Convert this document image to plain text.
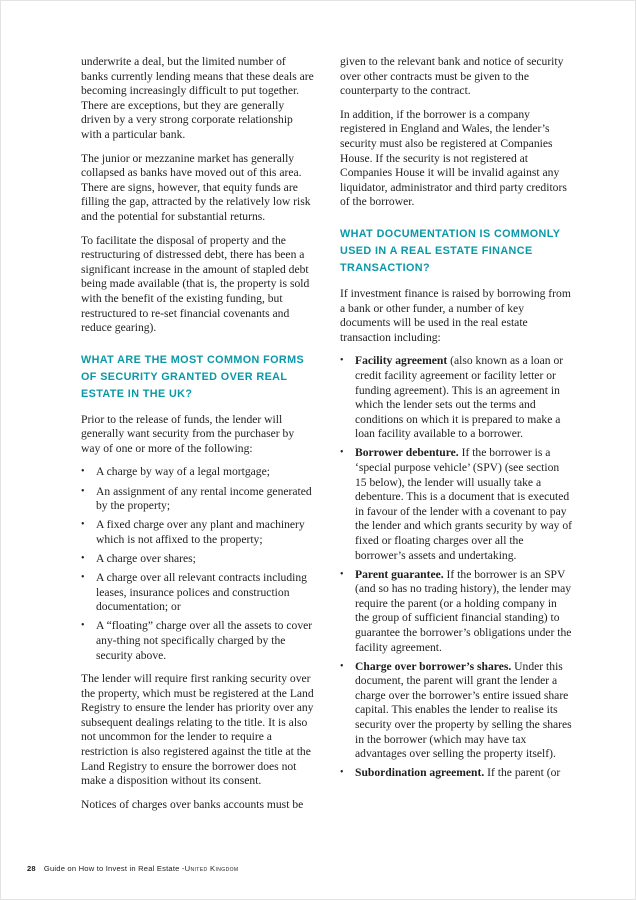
underwrite a deal, but the limited number of banks currently lending means that these deals are becoming increasingly difficult to put together. There are exceptions, but they are generally driven by a very strong corporate relationship with a particular bank.

The junior or mezzanine market has generally collapsed as banks have moved out of this area. There are signs, however, that equity funds are filling the gap, attracted by the relatively low risk and the potential for substantial returns.

To facilitate the disposal of property and the restructuring of distressed debt, there has been a significant increase in the amount of stapled debt being made available (that is, the property is sold with the benefit of the existing funding, but restructured to re-set financial covenants and reduce gearing).

WHAT ARE THE MOST COMMON FORMS OF SECURITY GRANTED OVER REAL ESTATE IN THE UK?

Prior to the release of funds, the lender will generally want security from the purchaser by way of one or more of the following:

• A charge by way of a legal mortgage;
• An assignment of any rental income generated by the property;
• A fixed charge over any plant and machinery which is not affixed to the property;
• A charge over shares;
• A charge over all relevant contracts including leases, insurance polices and construction documentation; or
• A “floating” charge over all the assets to cover any-thing not specifically charged by the security above.

The lender will require first ranking security over the property, which must be registered at the Land Registry to ensure the lender has priority over any subsequent dealings relating to the title. It is also not uncommon for the lender to require a restriction is also registered against the title at the Land Registry to ensure the borrower does not make a disposition without its consent.

Notices of charges over banks accounts must be

given to the relevant bank and notice of security over other contracts must be given to the counterparty to the contract.

In addition, if the borrower is a company registered in England and Wales, the lender’s security must also be registered at Companies House. If the security is not registered at Companies House it will be invalid against any liquidator, administrator and third party creditors of the borrower.

WHAT DOCUMENTATION IS COMMONLY USED IN A REAL ESTATE FINANCE TRANSACTION?

If investment finance is raised by borrowing from a bank or other funder, a number of key documents will be used in the real estate transaction including:

• Facility agreement (also known as a loan or credit facility agreement or facility letter or funding agreement). This is an agreement in which the lender sets out the terms and conditions on which it is prepared to make a loan facility available to a borrower.
• Borrower debenture. If the borrower is a ‘special purpose vehicle’ (SPV) (see section 15 below), the lender will usually take a debenture. This is a document that is executed in favour of the lender with a covenant to pay the lender and which grants security by way of fixed or floating charges over all the borrower’s assets and undertaking.
• Parent guarantee. If the borrower is an SPV (and so has no trading history), the lender may require the parent (or a holding company in the group of sufficient financial standing) to guarantee the borrower’s obligations under the facility agreement.
• Charge over borrower’s shares. Under this document, the parent will grant the lender a charge over the borrower’s entire issued share capital. This enables the lender to realise its security over the property by selling the shares in the borrower (which may have tax advantages over selling the property itself).
• Subordination agreement. If the parent (or
28 Guide on How to Invest in Real Estate -United Kingdom
